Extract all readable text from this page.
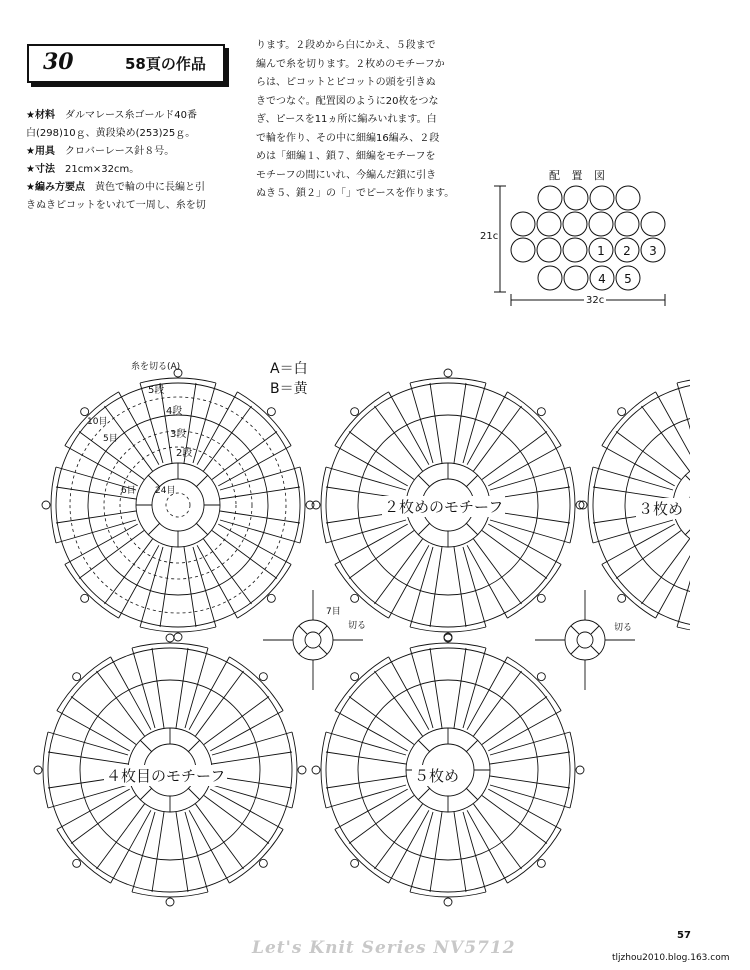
30	58頁の作品
★材料　 ダルマレース糸ゴールド40番
白(298)10ｇ、黄段染め(253)25ｇ。
★用具　 クロバーレース針８号。
★寸法　 21cm×32cm。
★編み方要点　 黄色で輪の中に長編と引
きぬきピコットをいれて一周し、糸を切
ります。２段めから白にかえ、５段まで
編んで糸を切ります。２枚めのモチーフか
らは、ピコットとピコットの頭を引きぬ
きでつなぐ。配置図のように20枚をつな
ぎ、ピースを11ヵ所に編みいれます。白
で輪を作り、その中に細編16編み、２段
めは「細編１、鎖７、細編をモチーフを
モチーフの間にいれ、今編んだ鎖に引き
ぬき５、鎖２」の「」でピースを作ります。
1 2 3
4 5
配 置 図
21c
32c
糸を切る(A)
5段
4段
3段
2段
10目
5目
6目 24目
7目
切る	切る
A＝白
B＝黄
２枚めのモチーフ	３枚め
４枚目のモチーフ	５枚め
57
Let's Knit Series NV5712	tljzhou2010.blog.163.com
